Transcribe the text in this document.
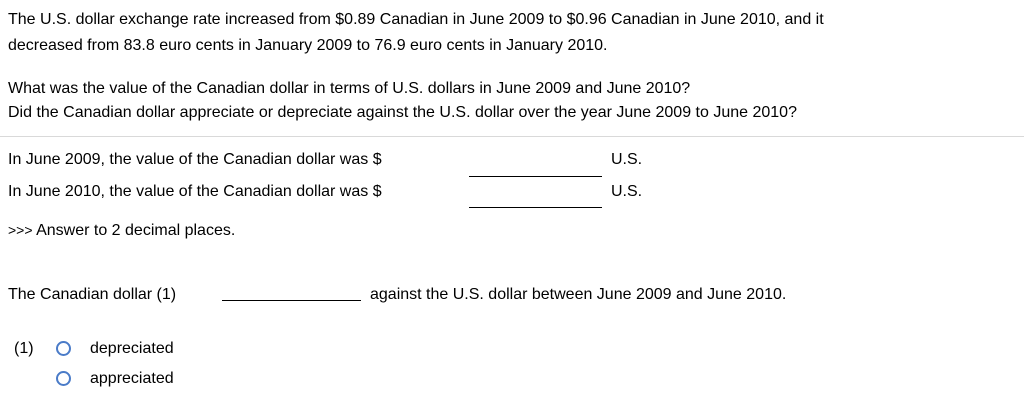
The U.S. dollar exchange rate increased from $0.89 Canadian in June 2009 to $0.96 Canadian in June 2010, and it
decreased from 83.8 euro cents in January 2009 to 76.9 euro cents in January 2010.
What was the value of the Canadian dollar in terms of U.S. dollars in June 2009 and June 2010?
Did the Canadian dollar appreciate or depreciate against the U.S. dollar over the year June 2009 to June 2010?
In June 2009, the value of the Canadian dollar was $	U.S.
In June 2010, the value of the Canadian dollar was $	U.S.
>>> Answer to 2 decimal places.
The Canadian dollar (1)	against the U.S. dollar between June 2009 and June 2010.
(1)	depreciated
appreciated
